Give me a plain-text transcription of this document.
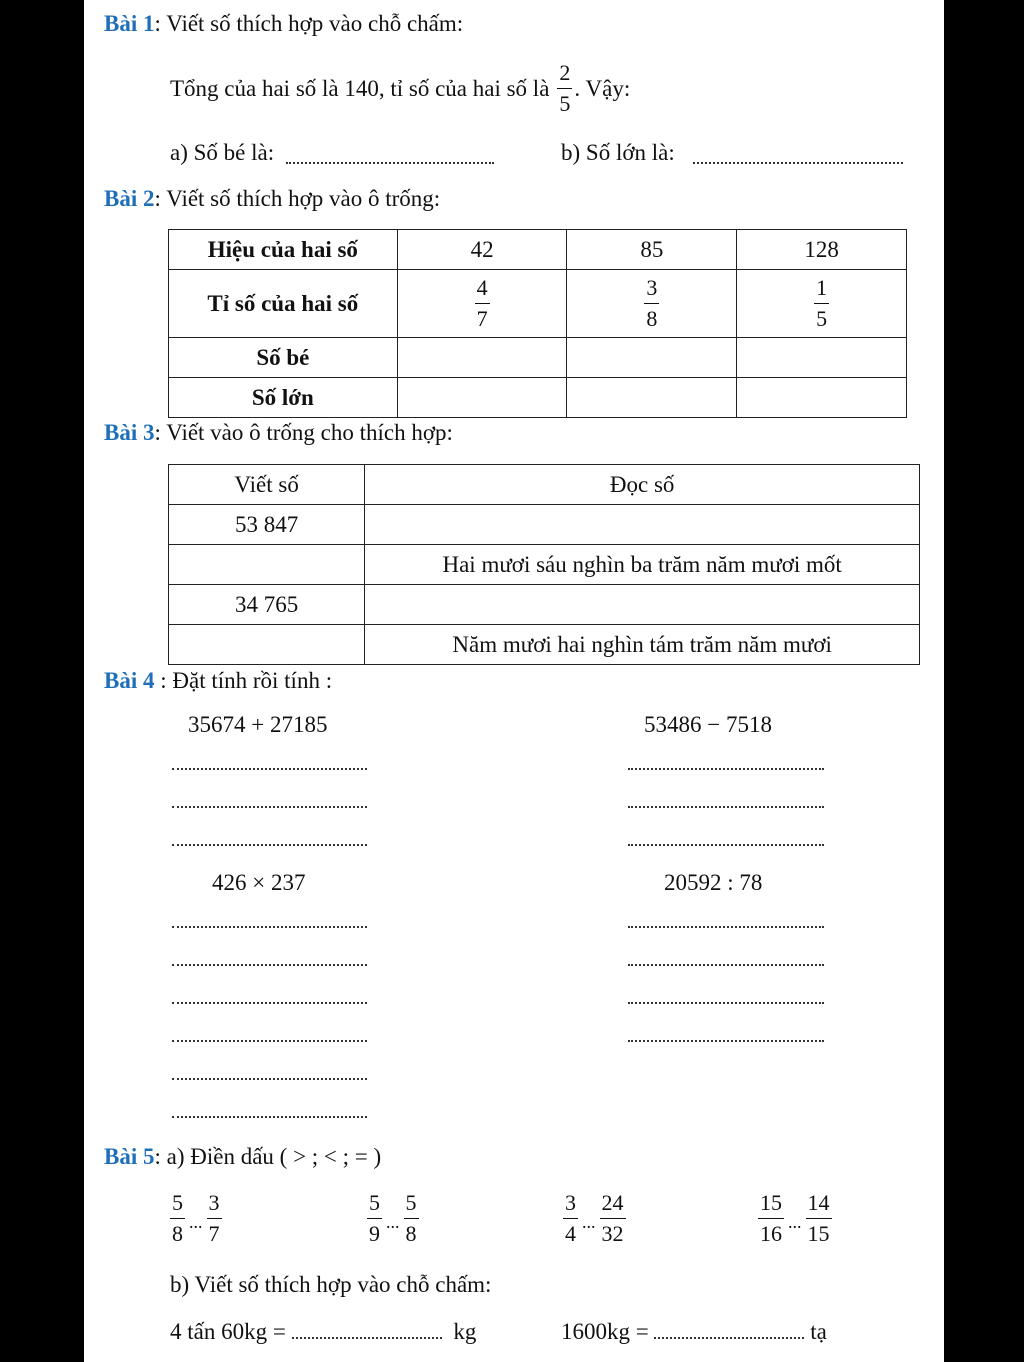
Bài 1: Viết số thích hợp vào chỗ chấm:
Tổng của hai số là 140, tỉ số của hai số là $\frac{2}{5}$ . Vậy:
a) Số bé là:	b) Số lớn là:
Bài 2: Viết số thích hợp vào ô trống:
Hiệu của hai số	42	85	128
Tỉ số của hai số	$\frac{4}{7}$	$\frac{3}{8}$	$\frac{1}{5}$

Số bé			
Số lớn			
Bài 3: Viết vào ô trống cho thích hợp:
Viết số	Đọc số
53 847	
	Hai mươi sáu nghìn ba trăm năm mươi mốt
34 765	
	Năm mươi hai nghìn tám trăm năm mươi
Bài 4 : Đặt tính rồi tính :
35674 + 27185	53486 − 7518
426 × 237	20592 : 78
Bài 5: a) Điền dấu ( > ; < ; = )
$\frac{5}{8}$ ... $\frac{3}{7}$	$\frac{5}{9}$ ... $\frac{5}{8}$	$\frac{3}{4}$ ... $\frac{24}{32}$	$\frac{15}{16}$ ... $\frac{14}{15}$
b) Viết số thích hợp vào chỗ chấm:
4 tấn 60kg =	kg	1600kg =	tạ
